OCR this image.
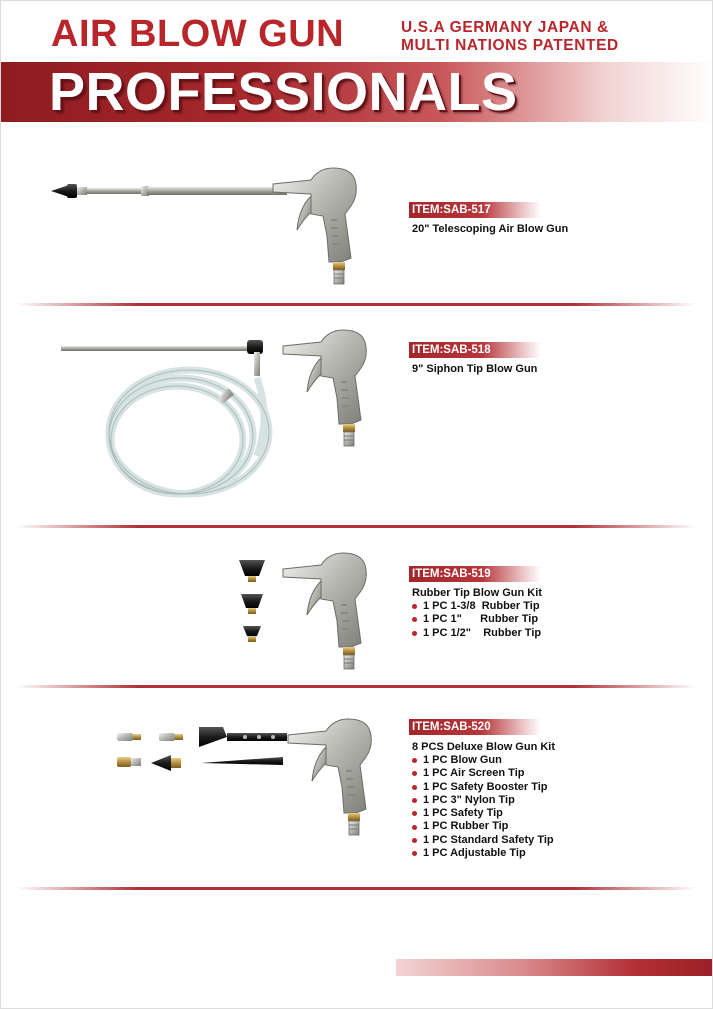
AIR BLOW GUN	U.S.A GERMANY JAPAN &
MULTI NATIONS PATENTED
PROFESSIONALS
ITEM:SAB-517
20" Telescoping Air Blow Gun
ITEM:SAB-518
9" Siphon Tip Blow Gun
ITEM:SAB-519
Rubber Tip Blow Gun Kit
1 PC 1-3/8  Rubber Tip
1 PC 1"      Rubber Tip
1 PC 1/2"    Rubber Tip
ITEM:SAB-520
8 PCS Deluxe Blow Gun Kit
1 PC Blow Gun
1 PC Air Screen Tip
1 PC Safety Booster Tip
1 PC 3" Nylon Tip
1 PC Safety Tip
1 PC Rubber Tip
1 PC Standard Safety Tip
1 PC Adjustable Tip
